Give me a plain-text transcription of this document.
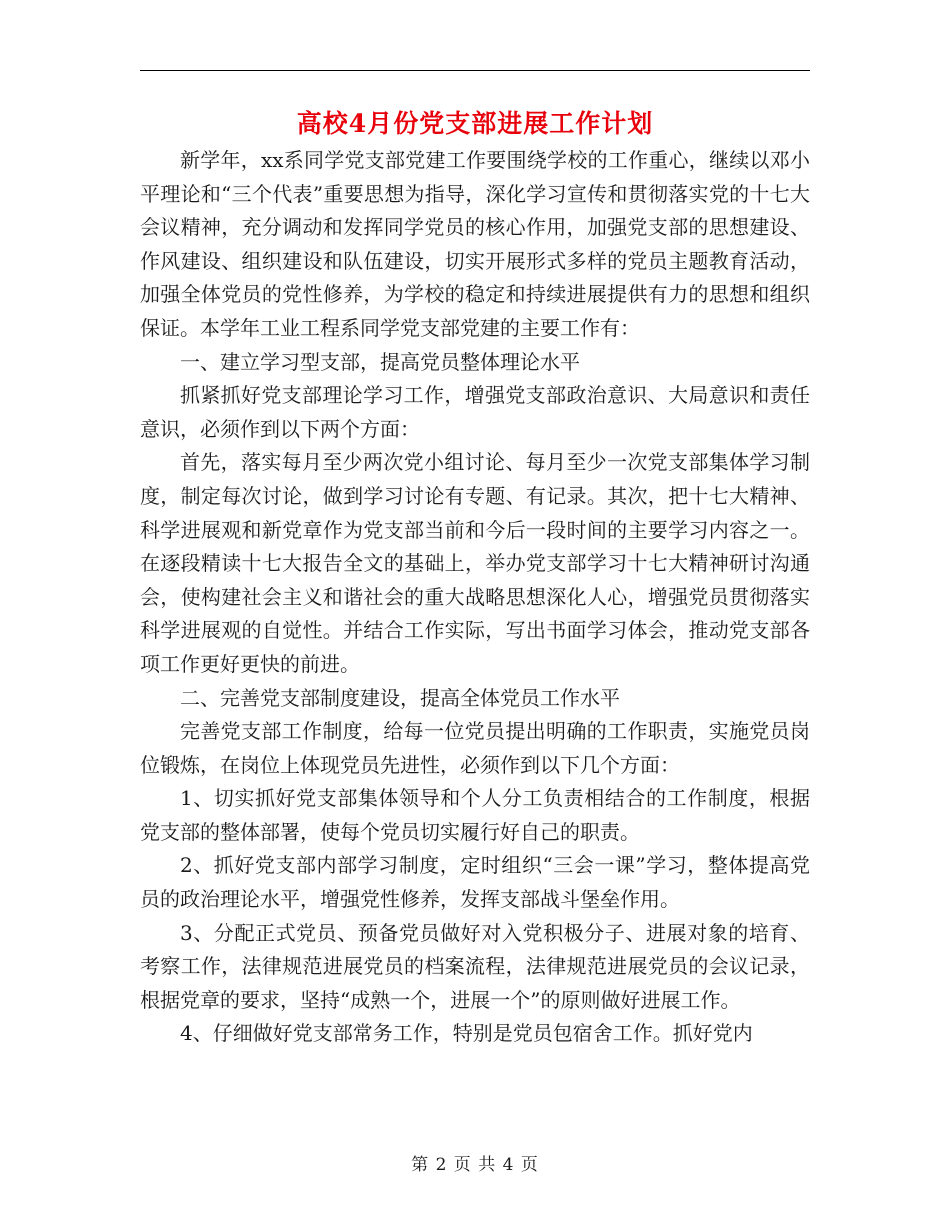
高校4月份党支部进展工作计划

新学年，xx系同学党支部党建工作要围绕学校的工作重心，继续以邓小平理论和“三个代表”重要思想为指导，深化学习宣传和贯彻落实党的十七大会议精神，充分调动和发挥同学党员的核心作用，加强党支部的思想建设、作风建设、组织建设和队伍建设，切实开展形式多样的党员主题教育活动，加强全体党员的党性修养，为学校的稳定和持续进展提供有力的思想和组织保证。本学年工业工程系同学党支部党建的主要工作有：

一、建立学习型支部，提高党员整体理论水平

抓紧抓好党支部理论学习工作，增强党支部政治意识、大局意识和责任意识，必须作到以下两个方面：

首先，落实每月至少两次党小组讨论、每月至少一次党支部集体学习制度，制定每次讨论，做到学习讨论有专题、有记录。其次，把十七大精神、科学进展观和新党章作为党支部当前和今后一段时间的主要学习内容之一。在逐段精读十七大报告全文的基础上，举办党支部学习十七大精神研讨沟通会，使构建社会主义和谐社会的重大战略思想深化人心，增强党员贯彻落实科学进展观的自觉性。并结合工作实际，写出书面学习体会，推动党支部各项工作更好更快的前进。

二、完善党支部制度建设，提高全体党员工作水平

完善党支部工作制度，给每一位党员提出明确的工作职责，实施党员岗位锻炼，在岗位上体现党员先进性，必须作到以下几个方面：

1、切实抓好党支部集体领导和个人分工负责相结合的工作制度，根据党支部的整体部署，使每个党员切实履行好自己的职责。

2、抓好党支部内部学习制度，定时组织“三会一课”学习，整体提高党员的政治理论水平，增强党性修养，发挥支部战斗堡垒作用。

3、分配正式党员、预备党员做好对入党积极分子、进展对象的培育、考察工作，法律规范进展党员的档案流程，法律规范进展党员的会议记录，根据党章的要求，坚持“成熟一个，进展一个”的原则做好进展工作。

4、仔细做好党支部常务工作，特别是党员包宿舍工作。抓好党内

第 2 页 共 4 页
